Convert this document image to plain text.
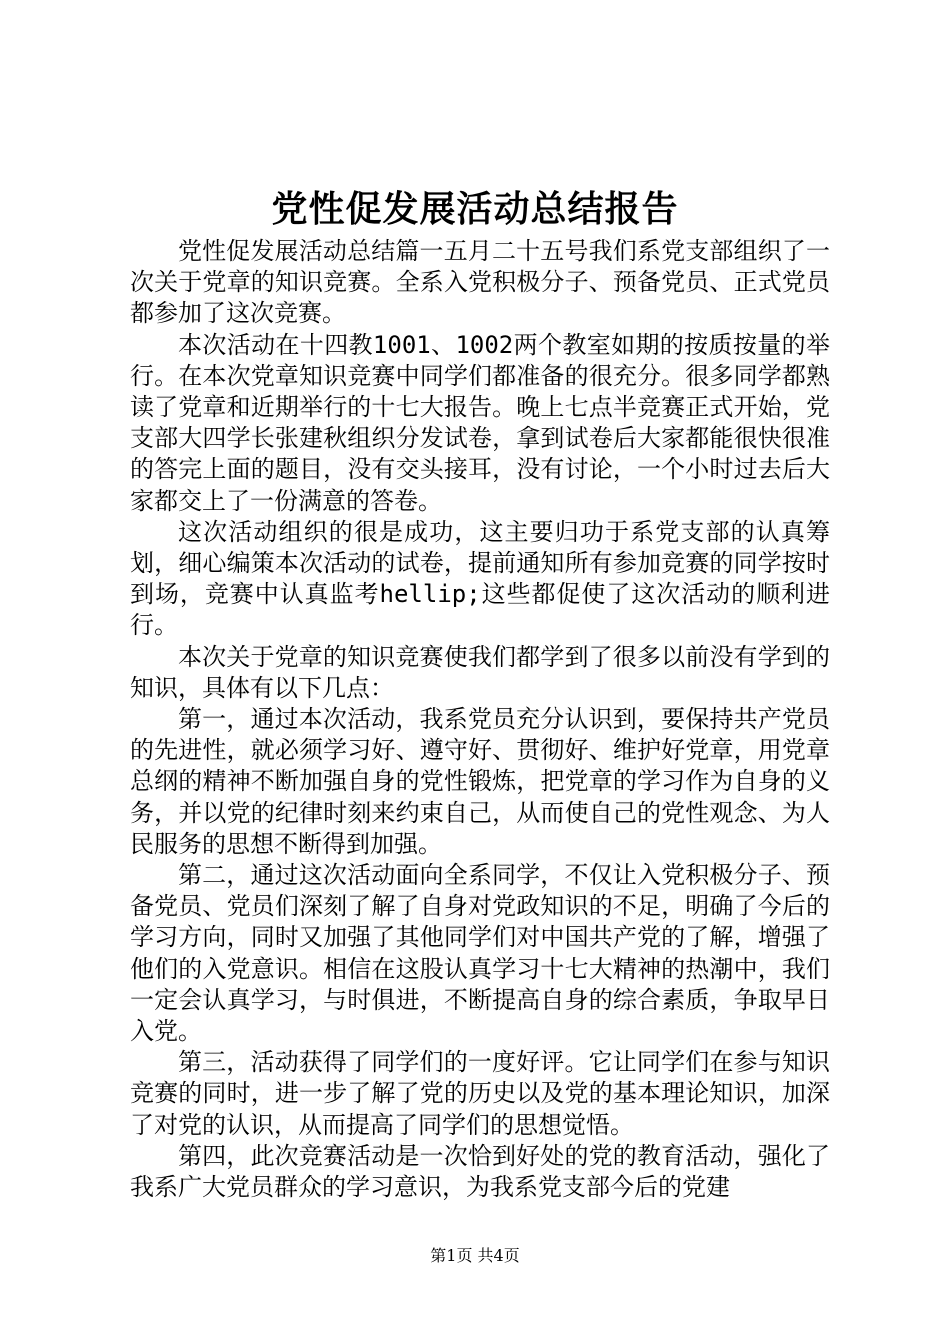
党性促发展活动总结报告

党性促发展活动总结篇一五月二十五号我们系党支部组织了一次关于党章的知识竞赛。全系入党积极分子、预备党员、正式党员都参加了这次竞赛。

本次活动在十四教1001、1002两个教室如期的按质按量的举行。在本次党章知识竞赛中同学们都准备的很充分。很多同学都熟读了党章和近期举行的十七大报告。晚上七点半竞赛正式开始，党支部大四学长张建秋组织分发试卷，拿到试卷后大家都能很快很准的答完上面的题目，没有交头接耳，没有讨论，一个小时过去后大家都交上了一份满意的答卷。

这次活动组织的很是成功，这主要归功于系党支部的认真筹划，细心编策本次活动的试卷，提前通知所有参加竞赛的同学按时到场，竞赛中认真监考hellip;这些都促使了这次活动的顺利进行。

本次关于党章的知识竞赛使我们都学到了很多以前没有学到的知识，具体有以下几点：

第一，通过本次活动，我系党员充分认识到，要保持共产党员的先进性，就必须学习好、遵守好、贯彻好、维护好党章，用党章总纲的精神不断加强自身的党性锻炼，把党章的学习作为自身的义务，并以党的纪律时刻来约束自己，从而使自己的党性观念、为人民服务的思想不断得到加强。

第二，通过这次活动面向全系同学，不仅让入党积极分子、预备党员、党员们深刻了解了自身对党政知识的不足，明确了今后的学习方向，同时又加强了其他同学们对中国共产党的了解，增强了他们的入党意识。相信在这股认真学习十七大精神的热潮中，我们一定会认真学习，与时俱进，不断提高自身的综合素质，争取早日入党。

第三，活动获得了同学们的一度好评。它让同学们在参与知识竞赛的同时，进一步了解了党的历史以及党的基本理论知识，加深了对党的认识，从而提高了同学们的思想觉悟。

第四，此次竞赛活动是一次恰到好处的党的教育活动，强化了我系广大党员群众的学习意识，为我系党支部今后的党建

第1页 共4页
